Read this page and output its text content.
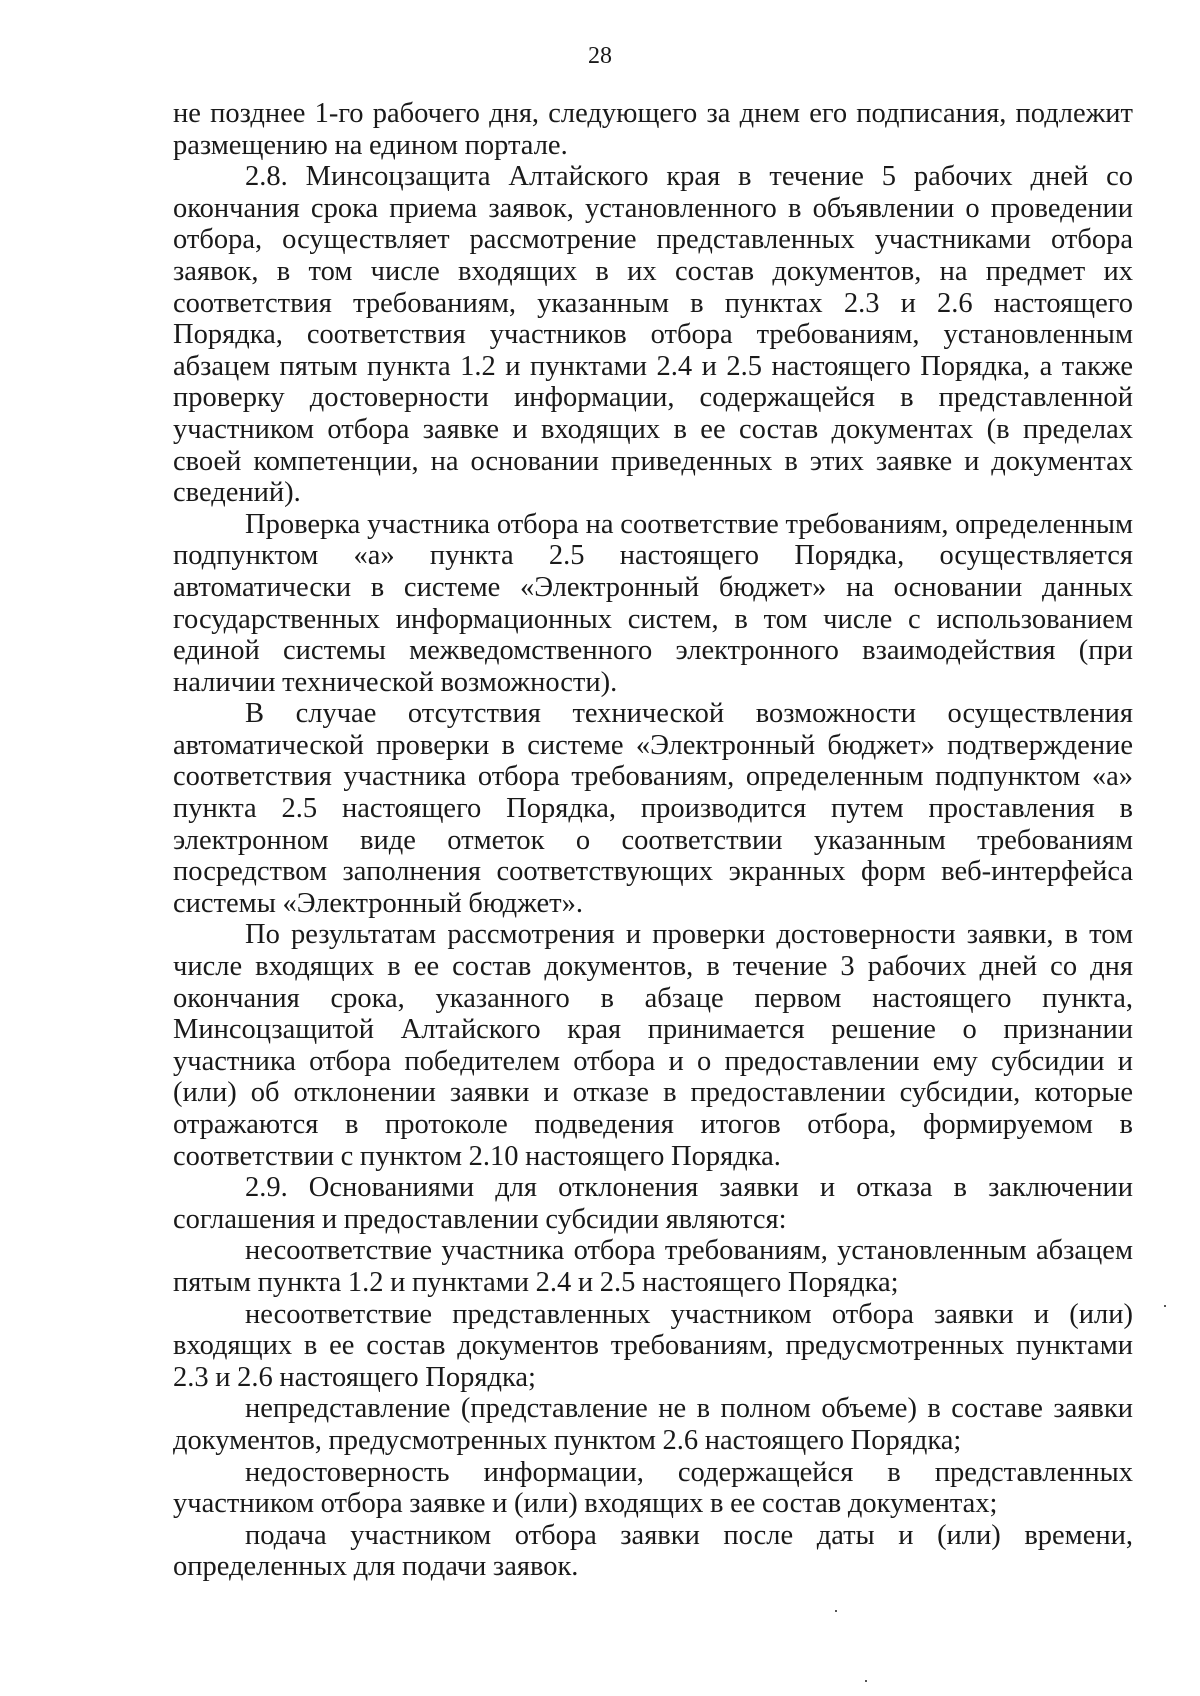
28

не позднее 1-го рабочего дня, следующего за днем его подписания, подлежит размещению на едином портале.

2.8. Минсоцзащита Алтайского края в течение 5 рабочих дней со окончания срока приема заявок, установленного в объявлении о проведении отбора, осуществляет рассмотрение представленных участниками отбора заявок, в том числе входящих в их состав документов, на предмет их соответствия требованиям, указанным в пунктах 2.3 и 2.6 настоящего Порядка, соответствия участников отбора требованиям, установленным абзацем пятым пункта 1.2 и пунктами 2.4 и 2.5 настоящего Порядка, а также проверку достоверности информации, содержащейся в представленной участником отбора заявке и входящих в ее состав документах (в пределах своей компетенции, на основании приведенных в этих заявке и документах сведений).

Проверка участника отбора на соответствие требованиям, определенным подпунктом «а» пункта 2.5 настоящего Порядка, осуществляется автоматически в системе «Электронный бюджет» на основании данных государственных информационных систем, в том числе с использованием единой системы межведомственного электронного взаимодействия (при наличии технической возможности).

В случае отсутствия технической возможности осуществления автоматической проверки в системе «Электронный бюджет» подтверждение соответствия участника отбора требованиям, определенным подпунктом «а» пункта 2.5 настоящего Порядка, производится путем проставления в электронном виде отметок о соответствии указанным требованиям посредством заполнения соответствующих экранных форм веб-интерфейса системы «Электронный бюджет».

По результатам рассмотрения и проверки достоверности заявки, в том числе входящих в ее состав документов, в течение 3 рабочих дней со дня окончания срока, указанного в абзаце первом настоящего пункта, Минсоцзащитой Алтайского края принимается решение о признании участника отбора победителем отбора и о предоставлении ему субсидии и (или) об отклонении заявки и отказе в предоставлении субсидии, которые отражаются в протоколе подведения итогов отбора, формируемом в соответствии с пунктом 2.10 настоящего Порядка.

2.9. Основаниями для отклонения заявки и отказа в заключении соглашения и предоставлении субсидии являются:

несоответствие участника отбора требованиям, установленным абзацем пятым пункта 1.2 и пунктами 2.4 и 2.5 настоящего Порядка;

несоответствие представленных участником отбора заявки и (или) входящих в ее состав документов требованиям, предусмотренных пунктами 2.3 и 2.6 настоящего Порядка;

непредставление (представление не в полном объеме) в составе заявки документов, предусмотренных пунктом 2.6 настоящего Порядка;

недостоверность информации, содержащейся в представленных участником отбора заявке и (или) входящих в ее состав документах;

подача участником отбора заявки после даты и (или) времени, определенных для подачи заявок.
